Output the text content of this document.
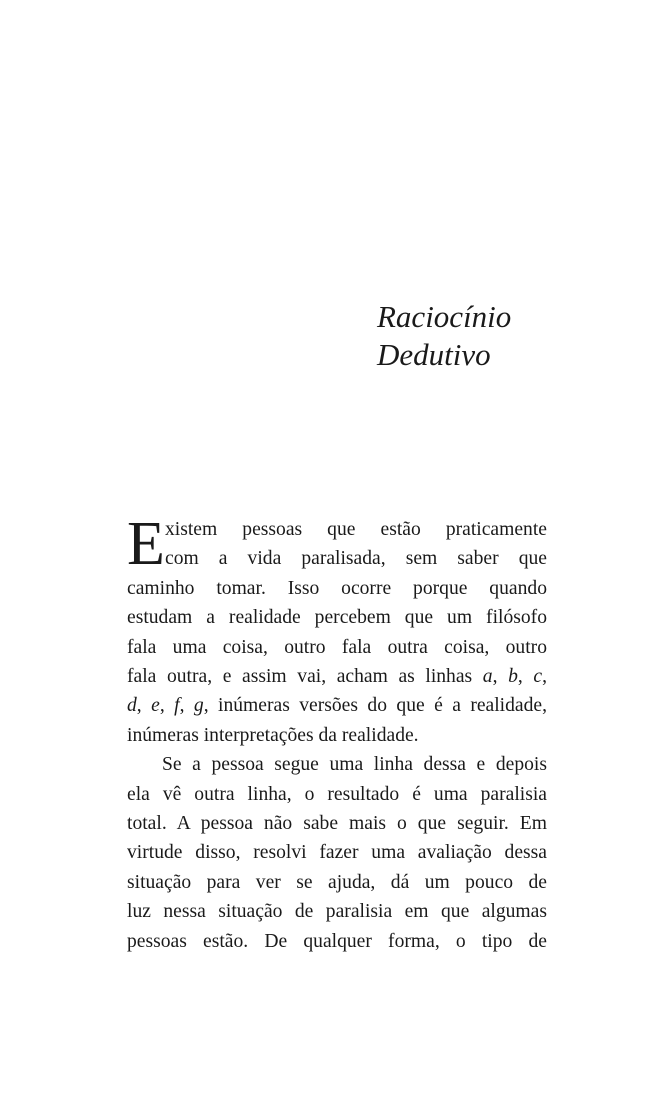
Raciocínio
Dedutivo
E xistem pessoas que estão praticamente
com a vida paralisada, sem saber que
caminho tomar. Isso ocorre porque quando
estudam a realidade percebem que um filósofo
fala uma coisa, outro fala outra coisa, outro
fala outra, e assim vai, acham as linhas a, b, c,
d, e, f, g, inúmeras versões do que é a realidade,
inúmeras interpretações da realidade.
Se a pessoa segue uma linha dessa e depois
ela vê outra linha, o resultado é uma paralisia
total. A pessoa não sabe mais o que seguir. Em
virtude disso, resolvi fazer uma avaliação dessa
situação para ver se ajuda, dá um pouco de
luz nessa situação de paralisia em que algumas
pessoas estão. De qualquer forma, o tipo de
